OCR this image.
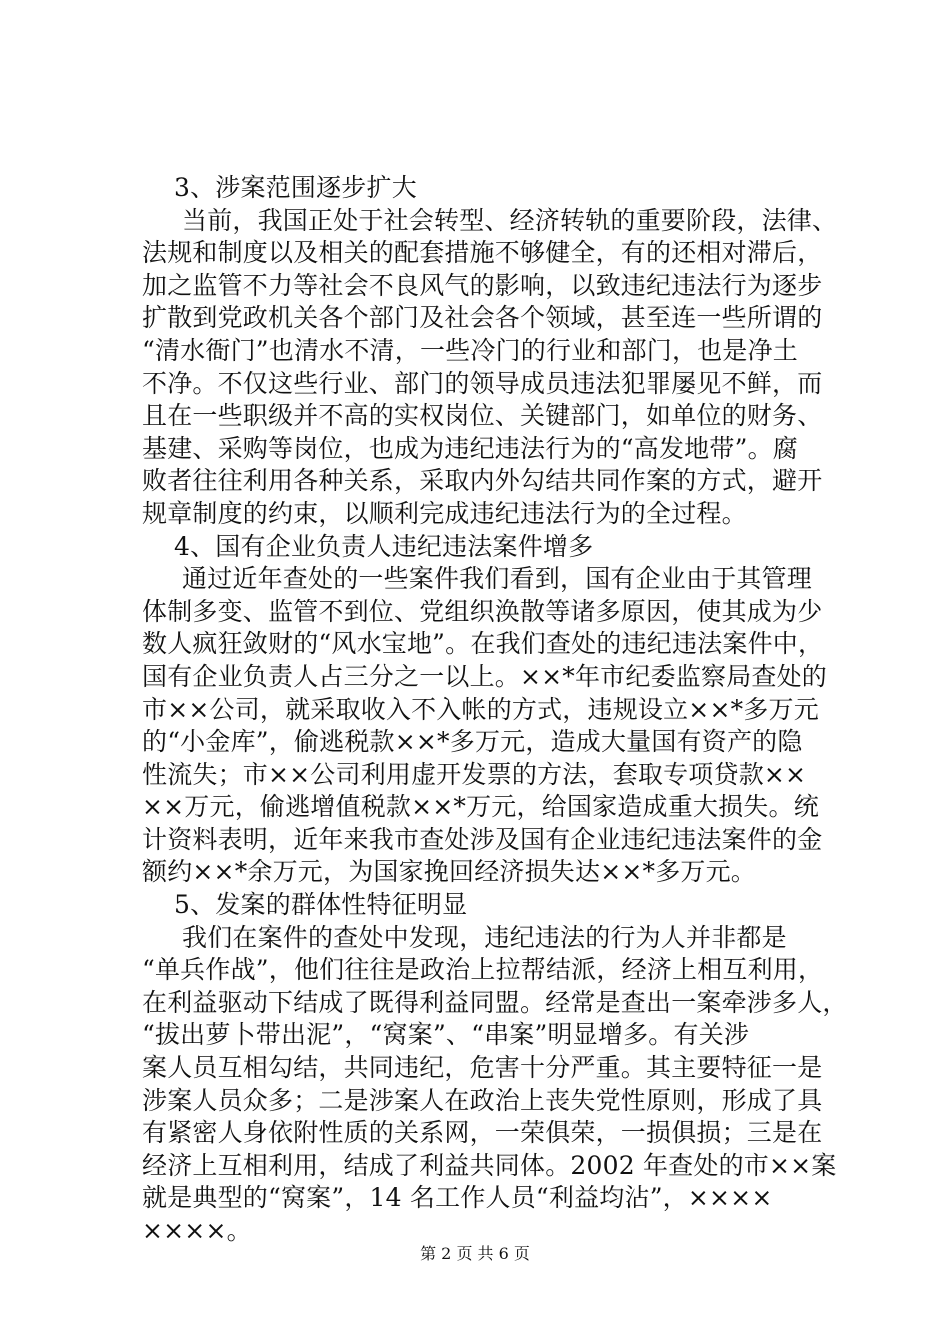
3、涉案范围逐步扩大
当前，我国正处于社会转型、经济转轨的重要阶段，法律、
法规和制度以及相关的配套措施不够健全，有的还相对滞后，
加之监管不力等社会不良风气的影响，以致违纪违法行为逐步
扩散到党政机关各个部门及社会各个领域，甚至连一些所谓的
“清水衙门”也清水不清，一些冷门的行业和部门，也是净土
不净。不仅这些行业、部门的领导成员违法犯罪屡见不鲜，而
且在一些职级并不高的实权岗位、关键部门，如单位的财务、
基建、采购等岗位，也成为违纪违法行为的“高发地带”。腐
败者往往利用各种关系，采取内外勾结共同作案的方式，避开
规章制度的约束，以顺利完成违纪违法行为的全过程。
4、国有企业负责人违纪违法案件增多
通过近年查处的一些案件我们看到，国有企业由于其管理
体制多变、监管不到位、党组织涣散等诸多原因，使其成为少
数人疯狂敛财的“风水宝地”。在我们查处的违纪违法案件中，
国有企业负责人占三分之一以上。××*年市纪委监察局查处的
市××公司，就采取收入不入帐的方式，违规设立××*多万元
的“小金库”，偷逃税款××*多万元，造成大量国有资产的隐
性流失；市××公司利用虚开发票的方法，套取专项贷款××
××万元，偷逃增值税款××*万元，给国家造成重大损失。统
计资料表明，近年来我市查处涉及国有企业违纪违法案件的金
额约××*余万元，为国家挽回经济损失达××*多万元。
5、发案的群体性特征明显
我们在案件的查处中发现，违纪违法的行为人并非都是
“单兵作战”，他们往往是政治上拉帮结派，经济上相互利用，
在利益驱动下结成了既得利益同盟。经常是查出一案牵涉多人，
“拔出萝卜带出泥”，“窝案”、“串案”明显增多。有关涉
案人员互相勾结，共同违纪，危害十分严重。其主要特征一是
涉案人员众多；二是涉案人在政治上丧失党性原则，形成了具
有紧密人身依附性质的关系网，一荣俱荣，一损俱损；三是在
经济上互相利用，结成了利益共同体。2002 年查处的市××案
就是典型的“窝案”，14 名工作人员“利益均沾”，××××
××××。
第 2 页 共 6 页
